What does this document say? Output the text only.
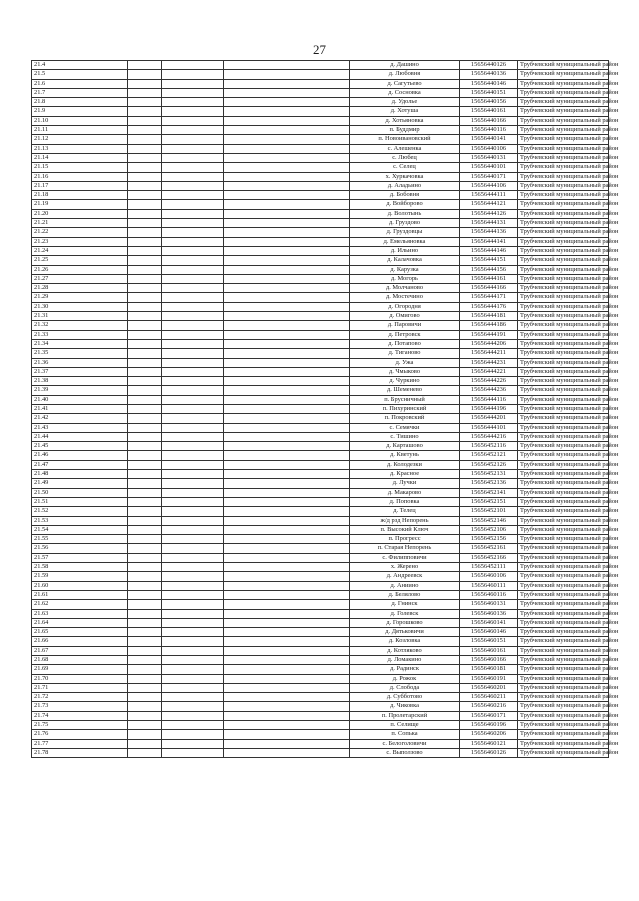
27
21.4				д. Дашино	15656440126	Трубчевский муниципальный район
21.5				д. Любовня	15656440136	Трубчевский муниципальный район
21.6				д. Сагутьево	15656440146	Трубчевский муниципальный район
21.7				д. Сосновка	15656440151	Трубчевский муниципальный район
21.8				д. Удолье	15656440156	Трубчевский муниципальный район
21.9				д. Хотуша	15656440161	Трубчевский муниципальный район
21.10				д. Хотьяновка	15656440166	Трубчевский муниципальный район
21.11				п. Буддмир	15656440116	Трубчевский муниципальный район
21.12				п. Новоивановский	15656440141	Трубчевский муниципальный район
21.13				с. Алешенка	15656440106	Трубчевский муниципальный район
21.14				с. Любец	15656440131	Трубчевский муниципальный район
21.15				с. Селец	15656440101	Трубчевский муниципальный район
21.16				х. Хуркачовка	15656440171	Трубчевский муниципальный район
21.17				д. Аладьино	15656444106	Трубчевский муниципальный район
21.18				д. Бобовня	15656444111	Трубчевский муниципальный район
21.19				д. Войборово	15656444121	Трубчевский муниципальный район
21.20				д. Волотынь	15656444126	Трубчевский муниципальный район
21.21				д. Груздово	15656444131	Трубчевский муниципальный район
21.22				д. Груздовцы	15656444136	Трубчевский муниципальный район
21.23				д. Емельяновка	15656444141	Трубчевский муниципальный район
21.24				д. Ильино	15656444146	Трубчевский муниципальный район
21.25				д. Калачовка	15656444151	Трубчевский муниципальный район
21.26				д. Карузка	15656444156	Трубчевский муниципальный район
21.27				д. Могорь	15656444161	Трубчевский муниципальный район
21.28				д. Молчаново	15656444166	Трубчевский муниципальный район
21.29				д. Мостечино	15656444171	Трубчевский муниципальный район
21.30				д. Огородня	15656444176	Трубчевский муниципальный район
21.31				д. Омигово	15656444181	Трубчевский муниципальный район
21.32				д. Паровичи	15656444186	Трубчевский муниципальный район
21.33				д. Петровск	15656444191	Трубчевский муниципальный район
21.34				д. Потапово	15656444206	Трубчевский муниципальный район
21.35				д. Тиганово	15656444211	Трубчевский муниципальный район
21.36				д. Ужа	15656444231	Трубчевский муниципальный район
21.37				д. Чмыково	15656444221	Трубчевский муниципальный район
21.38				д. Чуркино	15656444226	Трубчевский муниципальный район
21.39				д. Шеменево	15656444236	Трубчевский муниципальный район
21.40				п. Брусничный	15656444116	Трубчевский муниципальный район
21.41				п. Пихуринский	15656444196	Трубчевский муниципальный район
21.42				п. Покровский	15656444201	Трубчевский муниципальный район
21.43				с. Семячки	15656444101	Трубчевский муниципальный район
21.44				с. Тишино	15656444216	Трубчевский муниципальный район
21.45				д. Карташово	15656452116	Трубчевский муниципальный район
21.46				д. Кветунь	15656452121	Трубчевский муниципальный район
21.47				д. Колодезки	15656452126	Трубчевский муниципальный район
21.48				д. Красное	15656452131	Трубчевский муниципальный район
21.49				д. Лучки	15656452136	Трубчевский муниципальный район
21.50				д. Макарово	15656452141	Трубчевский муниципальный район
21.51				д. Поповка	15656452151	Трубчевский муниципальный район
21.52				д. Телец	15656452101	Трубчевский муниципальный район
21.53				ж/д рзд Непорень	15656452146	Трубчевский муниципальный район
21.54				п. Высокий Ключ	15656452106	Трубчевский муниципальный район
21.55				п. Прогресс	15656452156	Трубчевский муниципальный район
21.56				п. Старая Непорень	15656452161	Трубчевский муниципальный район
21.57				с. Филипповичи	15656452166	Трубчевский муниципальный район
21.58				х. Жерено	15656452111	Трубчевский муниципальный район
21.59				д. Андреевск	15656460106	Трубчевский муниципальный район
21.60				д. Аниино	15656460111	Трубчевский муниципальный район
21.61				д. Белялово	15656460116	Трубчевский муниципальный район
21.62				д. Гнинск	15656460131	Трубчевский муниципальный район
21.63				д. Голевск	15656460136	Трубчевский муниципальный район
21.64				д. Горошково	15656460141	Трубчевский муниципальный район
21.65				д. Дятьковичи	15656460146	Трубчевский муниципальный район
21.66				д. Козловка	15656460151	Трубчевский муниципальный район
21.67				д. Котляково	15656460161	Трубчевский муниципальный район
21.68				д. Ломакино	15656460166	Трубчевский муниципальный район
21.69				д. Радинск	15656460181	Трубчевский муниципальный район
21.70				д. Рожок	15656460191	Трубчевский муниципальный район
21.71				д. Слобода	15656460201	Трубчевский муниципальный район
21.72				д. Субботово	15656460211	Трубчевский муниципальный район
21.73				д. Чиковка	15656460216	Трубчевский муниципальный район
21.74				п. Пролетарский	15656460171	Трубчевский муниципальный район
21.75				п. Селище	15656460196	Трубчевский муниципальный район
21.76				п. Сопька	15656460206	Трубчевский муниципальный район
21.77				с. Белоголовичи	15656460121	Трубчевский муниципальный район
21.78				с. Выползово	15656460126	Трубчевский муниципальный район
